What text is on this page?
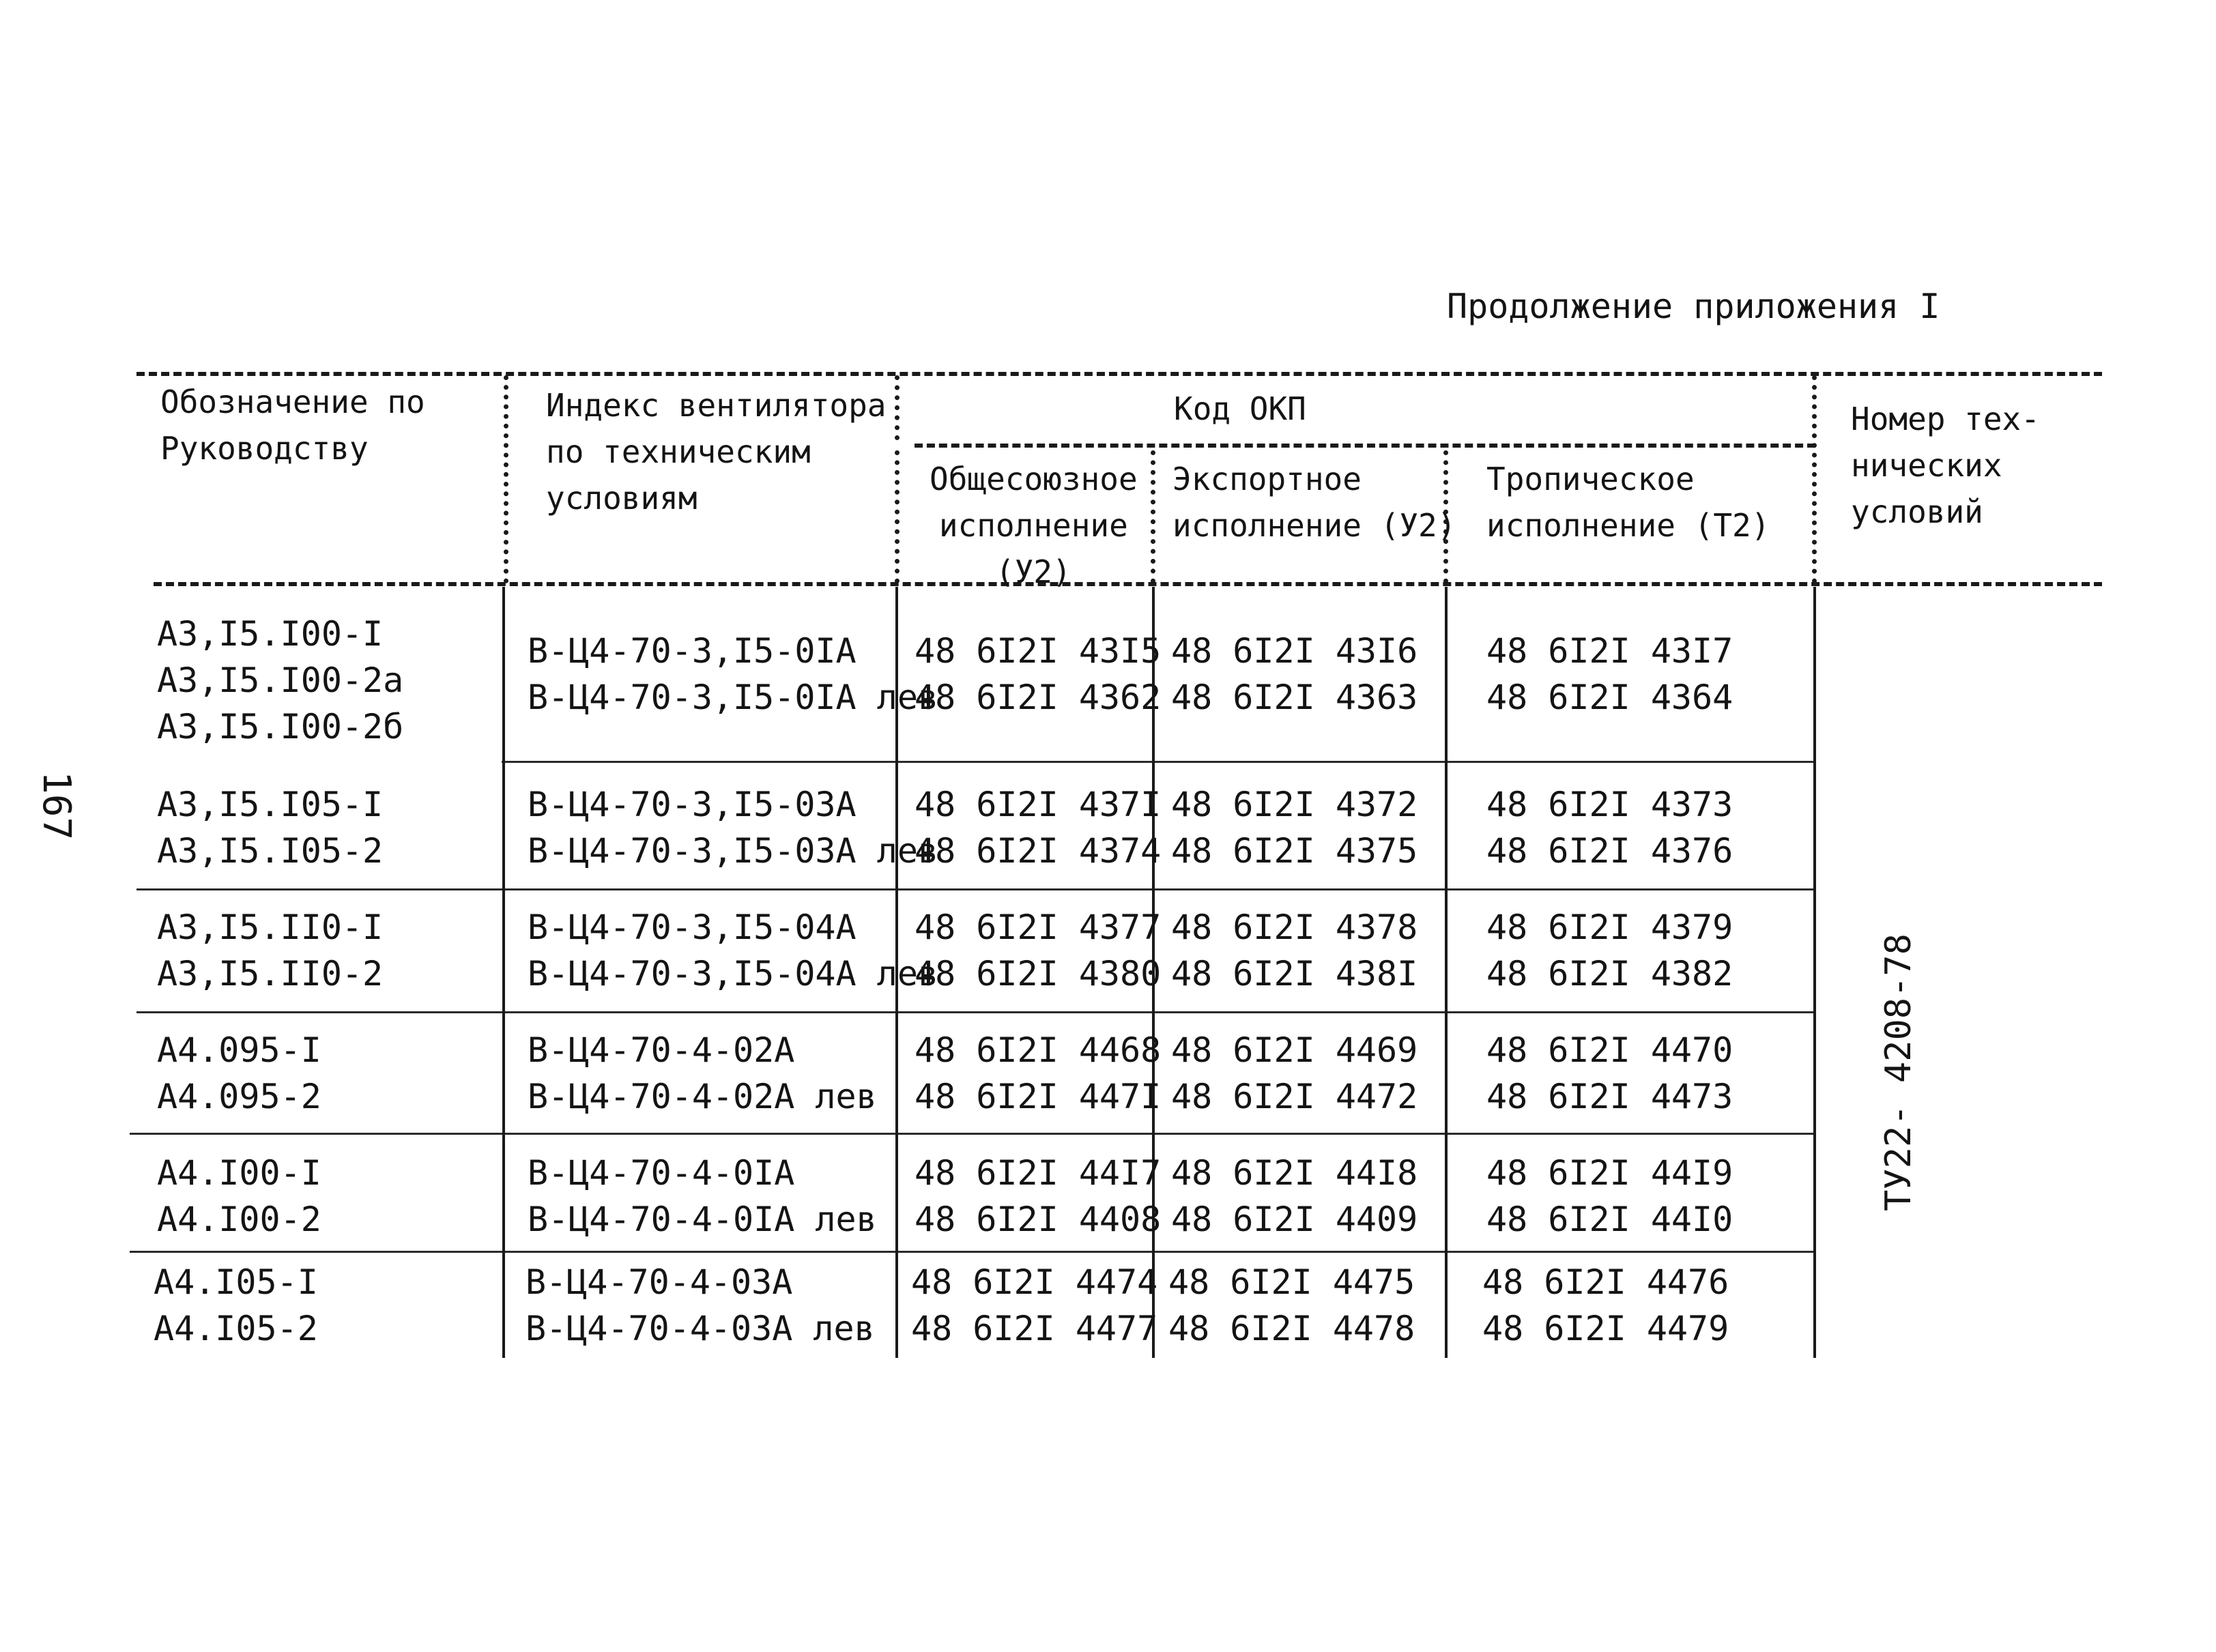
Продолжение приложения I
167
Обозначение по
Руководству
Индекс вентилятора
по техническим
условиям
Код ОКП
Общесоюзное
исполнение
(У2)
Экспортное
исполнение (У2)
Тропическое
исполнение (Т2)
Номер тех-
нических
условий
А3,I5.I00-I
А3,I5.I00-2а
А3,I5.I00-2б
В-Ц4-70-3,I5-0IА
В-Ц4-70-3,I5-0IА лев
48 6I2I 43I5
48 6I2I 4362
48 6I2I 43I6
48 6I2I 4363
48 6I2I 43I7
48 6I2I 4364
А3,I5.I05-I
А3,I5.I05-2
В-Ц4-70-3,I5-03А
В-Ц4-70-3,I5-03А лев
48 6I2I 437I
48 6I2I 4374
48 6I2I 4372
48 6I2I 4375
48 6I2I 4373
48 6I2I 4376
А3,I5.II0-I
А3,I5.II0-2
В-Ц4-70-3,I5-04А
В-Ц4-70-3,I5-04А лев
48 6I2I 4377
48 6I2I 4380
48 6I2I 4378
48 6I2I 438I
48 6I2I 4379
48 6I2I 4382
А4.095-I
А4.095-2
В-Ц4-70-4-02А
В-Ц4-70-4-02А лев
48 6I2I 4468
48 6I2I 447I
48 6I2I 4469
48 6I2I 4472
48 6I2I 4470
48 6I2I 4473
А4.I00-I
А4.I00-2
В-Ц4-70-4-0IА
В-Ц4-70-4-0IА лев
48 6I2I 44I7
48 6I2I 4408
48 6I2I 44I8
48 6I2I 4409
48 6I2I 44I9
48 6I2I 44I0
А4.I05-I
А4.I05-2
В-Ц4-70-4-03А
В-Ц4-70-4-03А лев
48 6I2I 4474
48 6I2I 4477
48 6I2I 4475
48 6I2I 4478
48 6I2I 4476
48 6I2I 4479
ТУ22- 4208-78
